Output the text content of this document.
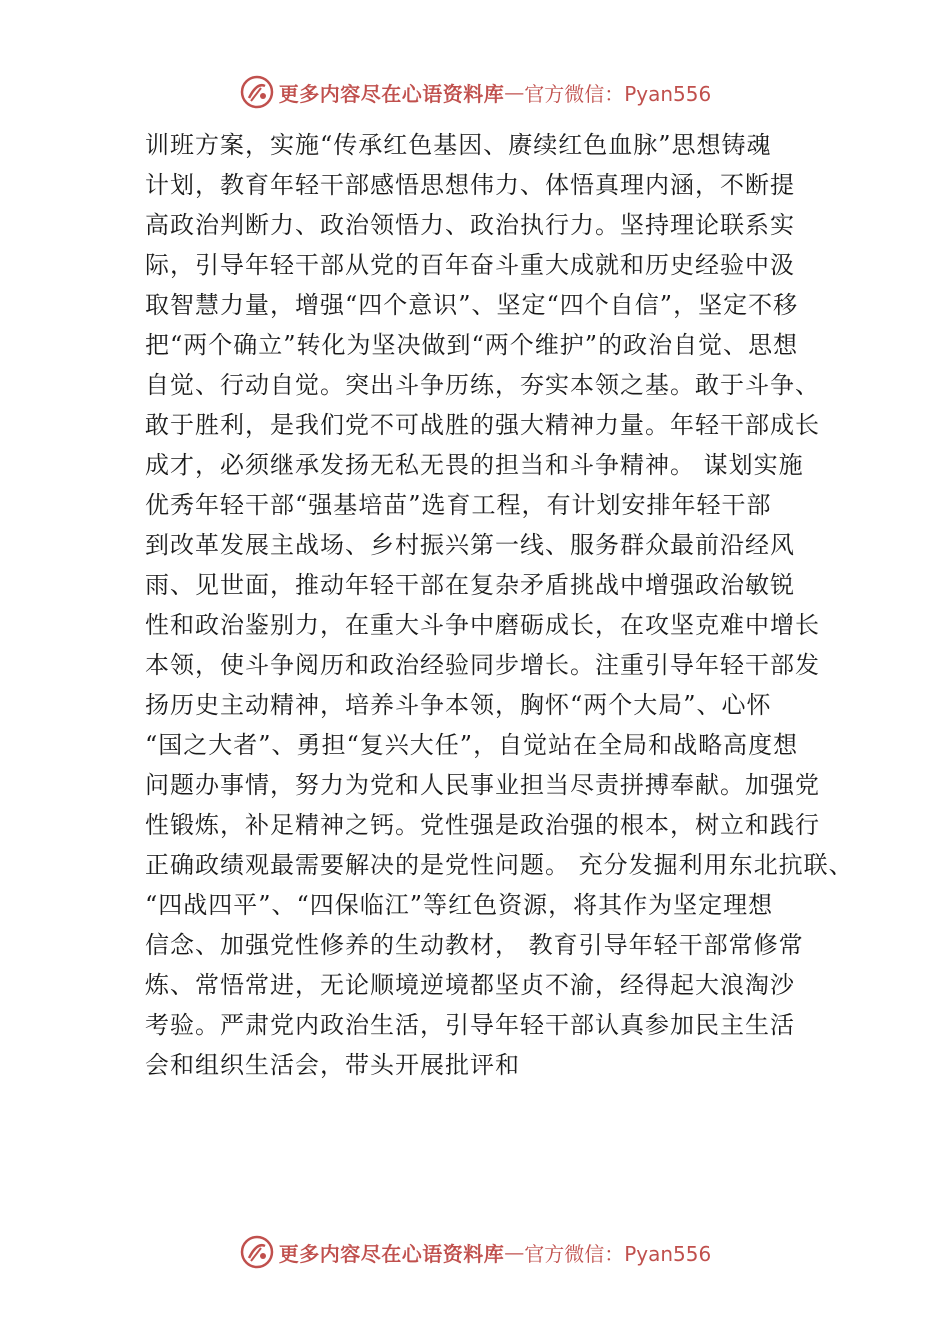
更多内容尽在心语资料库 — 官方微信：Pyan556
训班方案，实施“传承红色基因、赓续红色血脉”思想铸魂
计划，教育年轻干部感悟思想伟力、体悟真理内涵，不断提
高政治判断力、政治领悟力、政治执行力。坚持理论联系实
际，引导年轻干部从党的百年奋斗重大成就和历史经验中汲
取智慧力量，增强“四个意识”、坚定“四个自信”，坚定不移
把“两个确立”转化为坚决做到“两个维护”的政治自觉、思想
自觉、行动自觉。突出斗争历练，夯实本领之基。敢于斗争、
敢于胜利，是我们党不可战胜的强大精神力量。年轻干部成长
成才，必须继承发扬无私无畏的担当和斗争精神。 谋划实施
优秀年轻干部“强基培苗”选育工程，有计划安排年轻干部
到改革发展主战场、乡村振兴第一线、服务群众最前沿经风
雨、见世面，推动年轻干部在复杂矛盾挑战中增强政治敏锐
性和政治鉴别力，在重大斗争中磨砺成长，在攻坚克难中增长
本领，使斗争阅历和政治经验同步增长。注重引导年轻干部发
扬历史主动精神，培养斗争本领，胸怀“两个大局”、心怀
“国之大者”、勇担“复兴大任”，自觉站在全局和战略高度想
问题办事情，努力为党和人民事业担当尽责拼搏奉献。加强党
性锻炼，补足精神之钙。党性强是政治强的根本，树立和践行
正确政绩观最需要解决的是党性问题。 充分发掘利用东北抗联、
“四战四平”、“四保临江”等红色资源，将其作为坚定理想
信念、加强党性修养的生动教材， 教育引导年轻干部常修常
炼、常悟常进，无论顺境逆境都坚贞不渝，经得起大浪淘沙
考验。严肃党内政治生活，引导年轻干部认真参加民主生活
会和组织生活会，带头开展批评和
更多内容尽在心语资料库 — 官方微信：Pyan556
